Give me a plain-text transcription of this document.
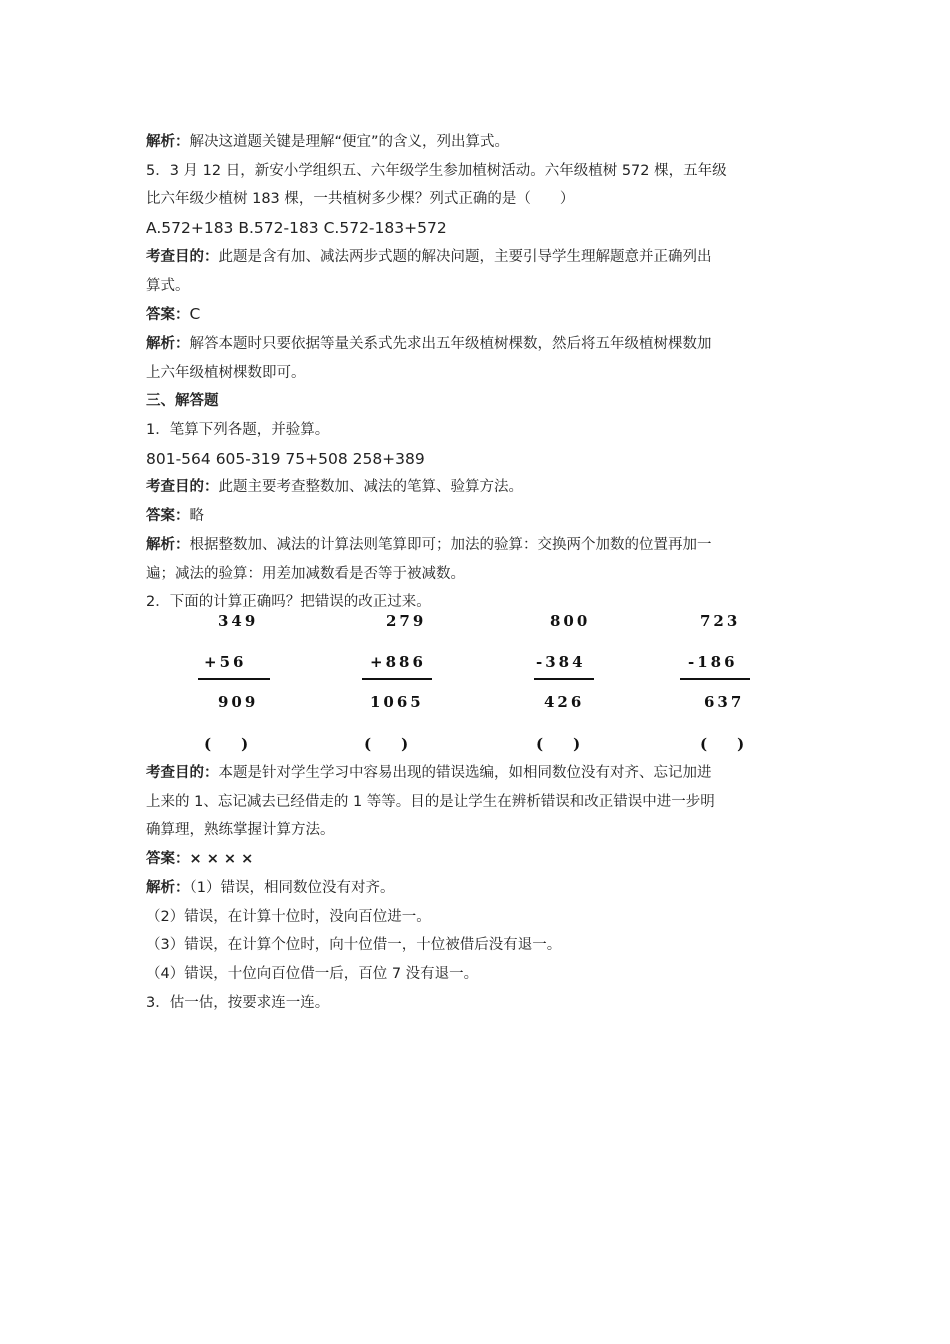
解析：解决这道题关键是理解“便宜”的含义，列出算式。
5．3 月 12 日，新安小学组织五、六年级学生参加植树活动。六年级植树 572 棵，五年级
比六年级少植树 183 棵，一共植树多少棵？列式正确的是（　　）
A.572+183 B.572-183 C.572-183+572
考查目的：此题是含有加、减法两步式题的解决问题，主要引导学生理解题意并正确列出
算式。
答案：C
解析：解答本题时只要依据等量关系式先求出五年级植树棵数，然后将五年级植树棵数加
上六年级植树棵数即可。
三、解答题
1．笔算下列各题，并验算。
801-564 605-319 75+508 258+389
考查目的：此题主要考查整数加、减法的笔算、验算方法。
答案：略
解析：根据整数加、减法的计算法则笔算即可；加法的验算：交换两个加数的位置再加一
遍；减法的验算：用差加减数看是否等于被减数。
2．下面的计算正确吗？把错误的改正过来。
349
+56
909
(　　)
279
+886
1065
(　　)
800
-384
426
(　　)
723
-186
637
(　　)
考查目的：本题是针对学生学习中容易出现的错误选编，如相同数位没有对齐、忘记加进
上来的 1、忘记减去已经借走的 1 等等。目的是让学生在辨析错误和改正错误中进一步明
确算理，熟练掌握计算方法。
答案：× × × ×
解析：（1）错误，相同数位没有对齐。
（2）错误，在计算十位时，没向百位进一。
（3）错误，在计算个位时，向十位借一，十位被借后没有退一。
（4）错误，十位向百位借一后，百位 7 没有退一。
3．估一估，按要求连一连。
